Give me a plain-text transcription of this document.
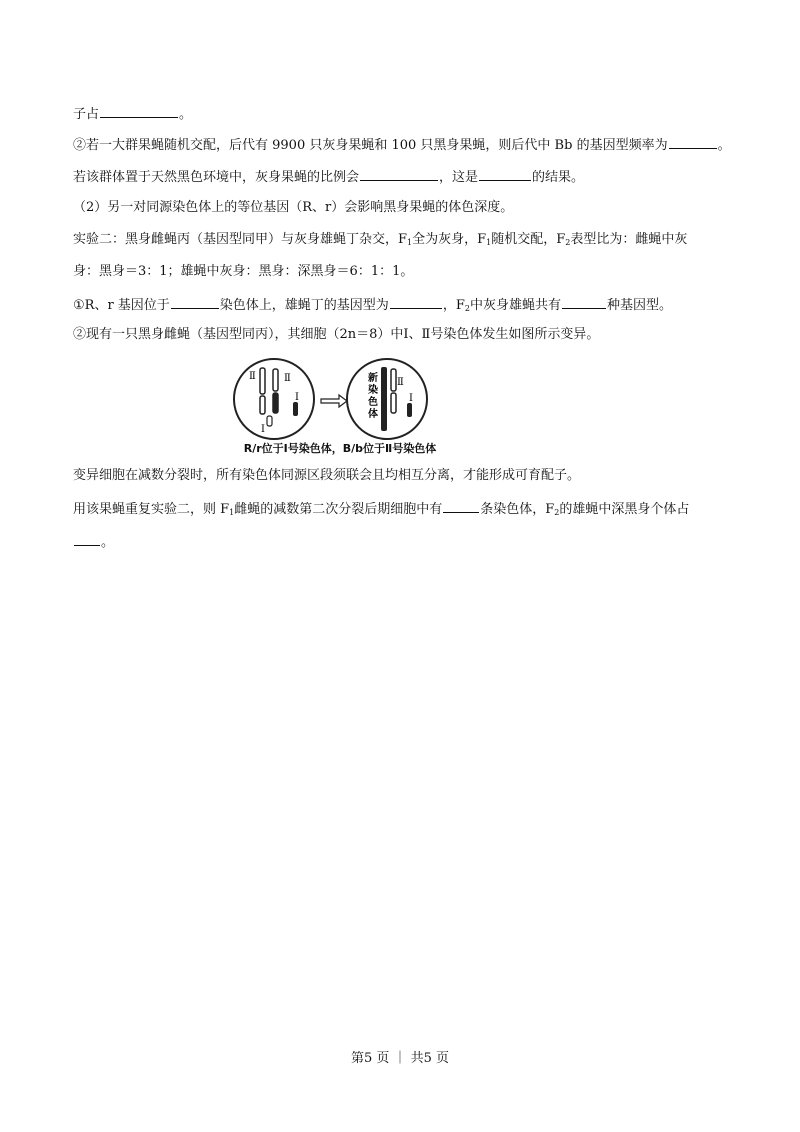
子占	。
②若一大群果蝇随机交配，后代有 9900 只灰身果蝇和 100 只黑身果蝇，则后代中 Bb 的基因型频率为	。
若该群体置于天然黑色环境中，灰身果蝇的比例会	，这是	的结果。
（2）另一对同源染色体上的等位基因（R、r）会影响黑身果蝇的体色深度。
实验二：黑身雌蝇丙（基因型同甲）与灰身雄蝇丁杂交，$F_1$全为灰身，$F_1$随机交配，$F_2$表型比为：雌蝇中灰
身：黑身＝3：1；雄蝇中灰身：黑身：深黑身＝6：1：1。
①R、r 基因位于	染色体上，雄蝇丁的基因型为	，$F_2$中灰身雄蝇共有	种基因型。
②现有一只黑身雌蝇（基因型同丙），其细胞（2n＝8）中Ⅰ、Ⅱ号染色体发生如图所示变异。
Ⅱ	Ⅱ
Ⅰ
Ⅰ
Ⅱ
Ⅰ
新
染
色
体
R/r位于Ⅰ号染色体，B/b位于Ⅱ号染色体
变异细胞在减数分裂时，所有染色体同源区段须联会且均相互分离，才能形成可育配子。
用该果蝇重复实验二，则 $F_1$雌蝇的减数第二次分裂后期细胞中有	条染色体，$F_2$的雄蝇中深黑身个体占
。
第5 页 ｜ 共5 页
